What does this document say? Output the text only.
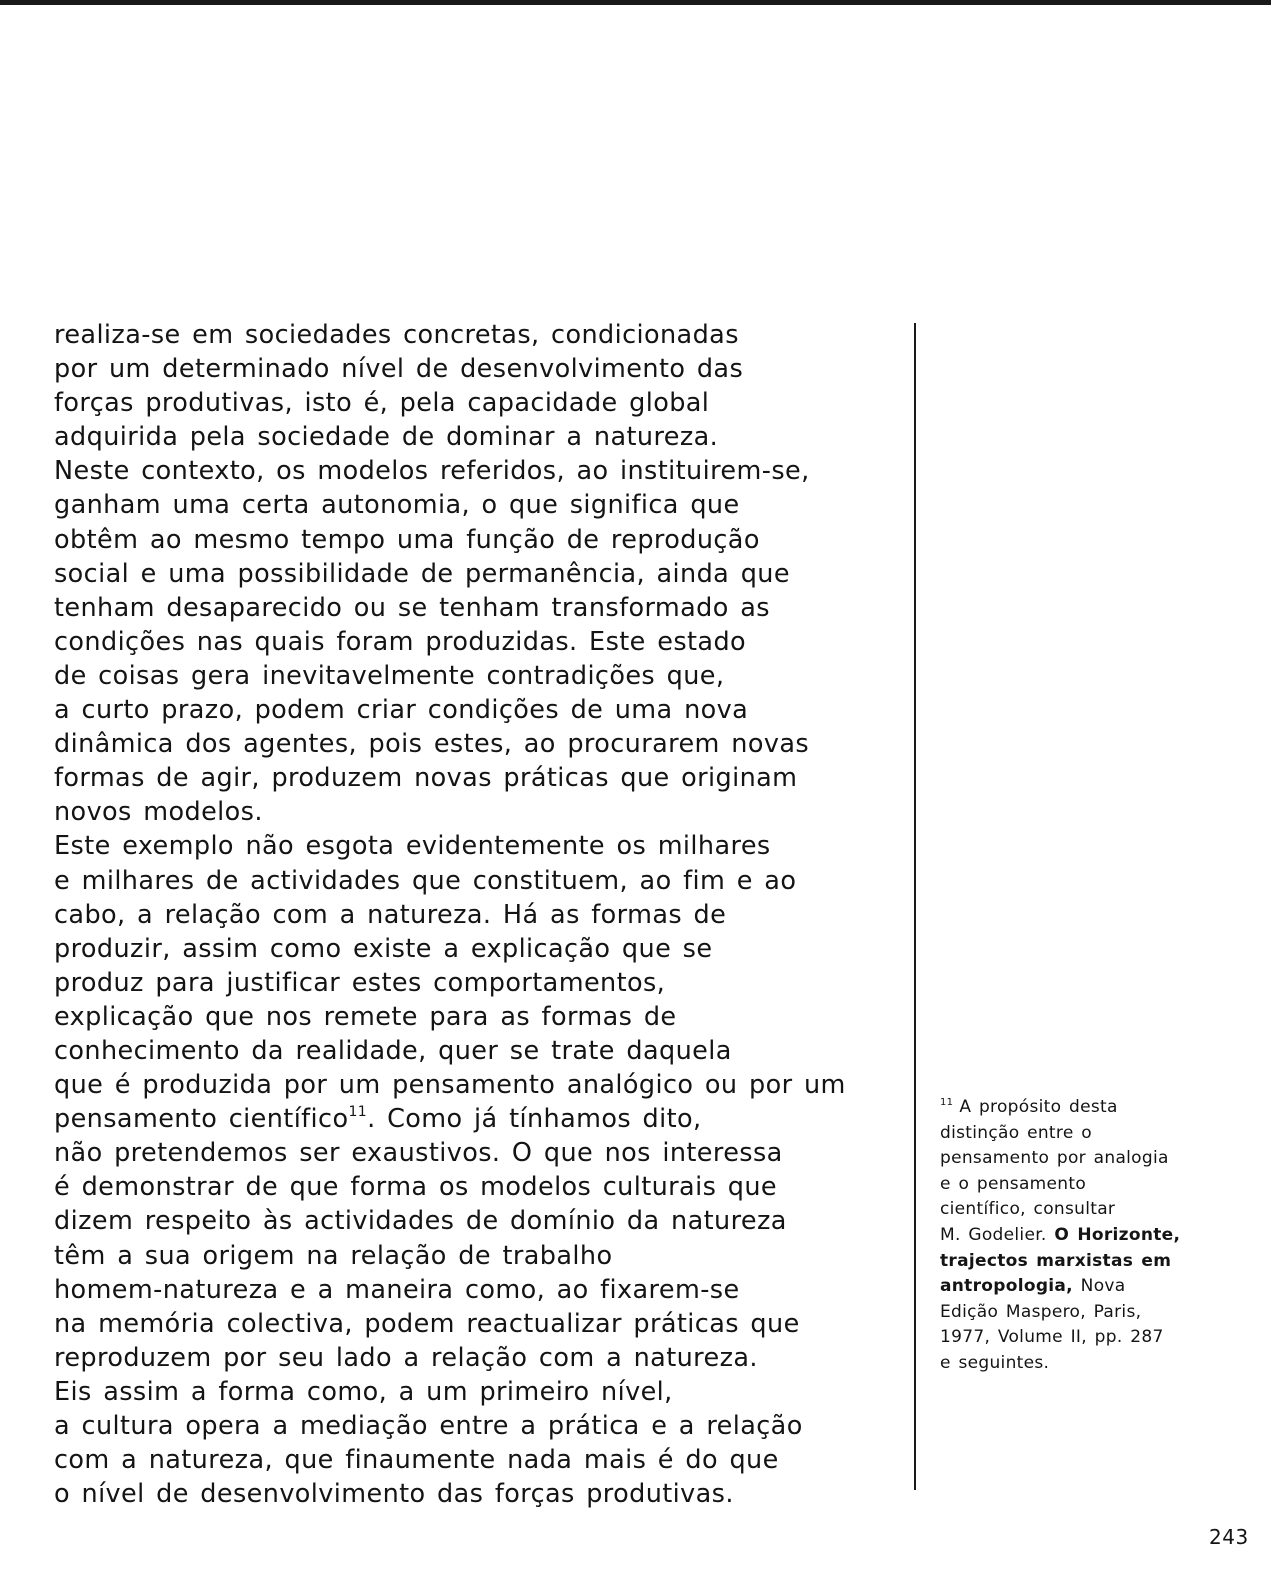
realiza-se em sociedades concretas, condicionadas
por um determinado nível de desenvolvimento das
forças produtivas, isto é, pela capacidade global
adquirida pela sociedade de dominar a natureza.
Neste contexto, os modelos referidos, ao instituirem-se,
ganham uma certa autonomia, o que significa que
obtêm ao mesmo tempo uma função de reprodução
social e uma possibilidade de permanência, ainda que
tenham desaparecido ou se tenham transformado as
condições nas quais foram produzidas. Este estado
de coisas gera inevitavelmente contradições que,
a curto prazo, podem criar condições de uma nova
dinâmica dos agentes, pois estes, ao procurarem novas
formas de agir, produzem novas práticas que originam
novos modelos.
Este exemplo não esgota evidentemente os milhares
e milhares de actividades que constituem, ao fim e ao
cabo, a relação com a natureza. Há as formas de
produzir, assim como existe a explicação que se
produz para justificar estes comportamentos,
explicação que nos remete para as formas de
conhecimento da realidade, quer se trate daquela
que é produzida por um pensamento analógico ou por um
pensamento científico$^{11}$. Como já tínhamos dito,
não pretendemos ser exaustivos. O que nos interessa
é demonstrar de que forma os modelos culturais que
dizem respeito às actividades de domínio da natureza
têm a sua origem na relação de trabalho
homem-natureza e a maneira como, ao fixarem-se
na memória colectiva, podem reactualizar práticas que
reproduzem por seu lado a relação com a natureza.
Eis assim a forma como, a um primeiro nível,
a cultura opera a mediação entre a prática e a relação
com a natureza, que finaumente nada mais é do que
o nível de desenvolvimento das forças produtivas.
$^{11}$ A propósito desta
distinção entre o
pensamento por analogia
e o pensamento
científico, consultar
M. Godelier. O Horizonte,
trajectos marxistas em
antropologia, Nova
Edição Maspero, Paris,
1977, Volume II, pp. 287
e seguintes.
243
